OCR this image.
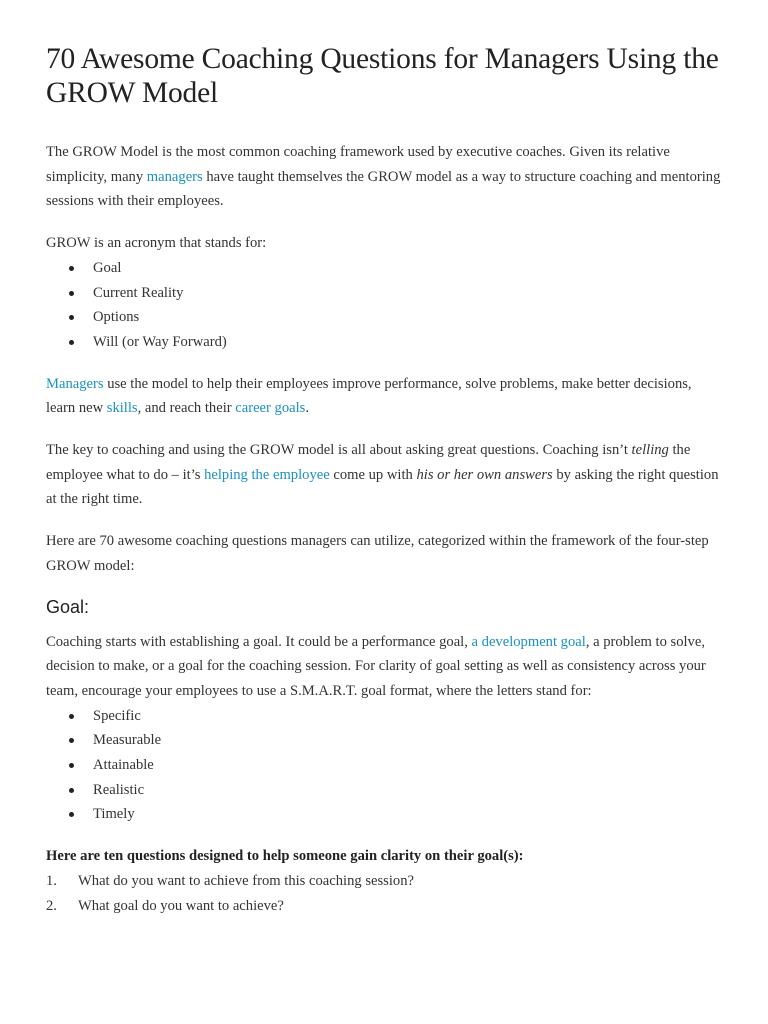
70 Awesome Coaching Questions for Managers Using the GROW Model

The GROW Model is the most common coaching framework used by executive coaches. Given its relative simplicity, many managers have taught themselves the GROW model as a way to structure coaching and mentoring sessions with their employees.

GROW is an acronym that stands for:

Goal
Current Reality
Options
Will (or Way Forward)

Managers use the model to help their employees improve performance, solve problems, make better decisions, learn new skills, and reach their career goals.

The key to coaching and using the GROW model is all about asking great questions. Coaching isn’t telling the employee what to do – it’s helping the employee come up with his or her own answers by asking the right question at the right time.

Here are 70 awesome coaching questions managers can utilize, categorized within the framework of the four-step GROW model:

Goal:

Coaching starts with establishing a goal. It could be a performance goal, a development goal, a problem to solve, decision to make, or a goal for the coaching session. For clarity of goal setting as well as consistency across your team, encourage your employees to use a S.M.A.R.T. goal format, where the letters stand for:

Specific
Measurable
Attainable
Realistic
Timely

Here are ten questions designed to help someone gain clarity on their goal(s):

1. What do you want to achieve from this coaching session?
2. What goal do you want to achieve?
